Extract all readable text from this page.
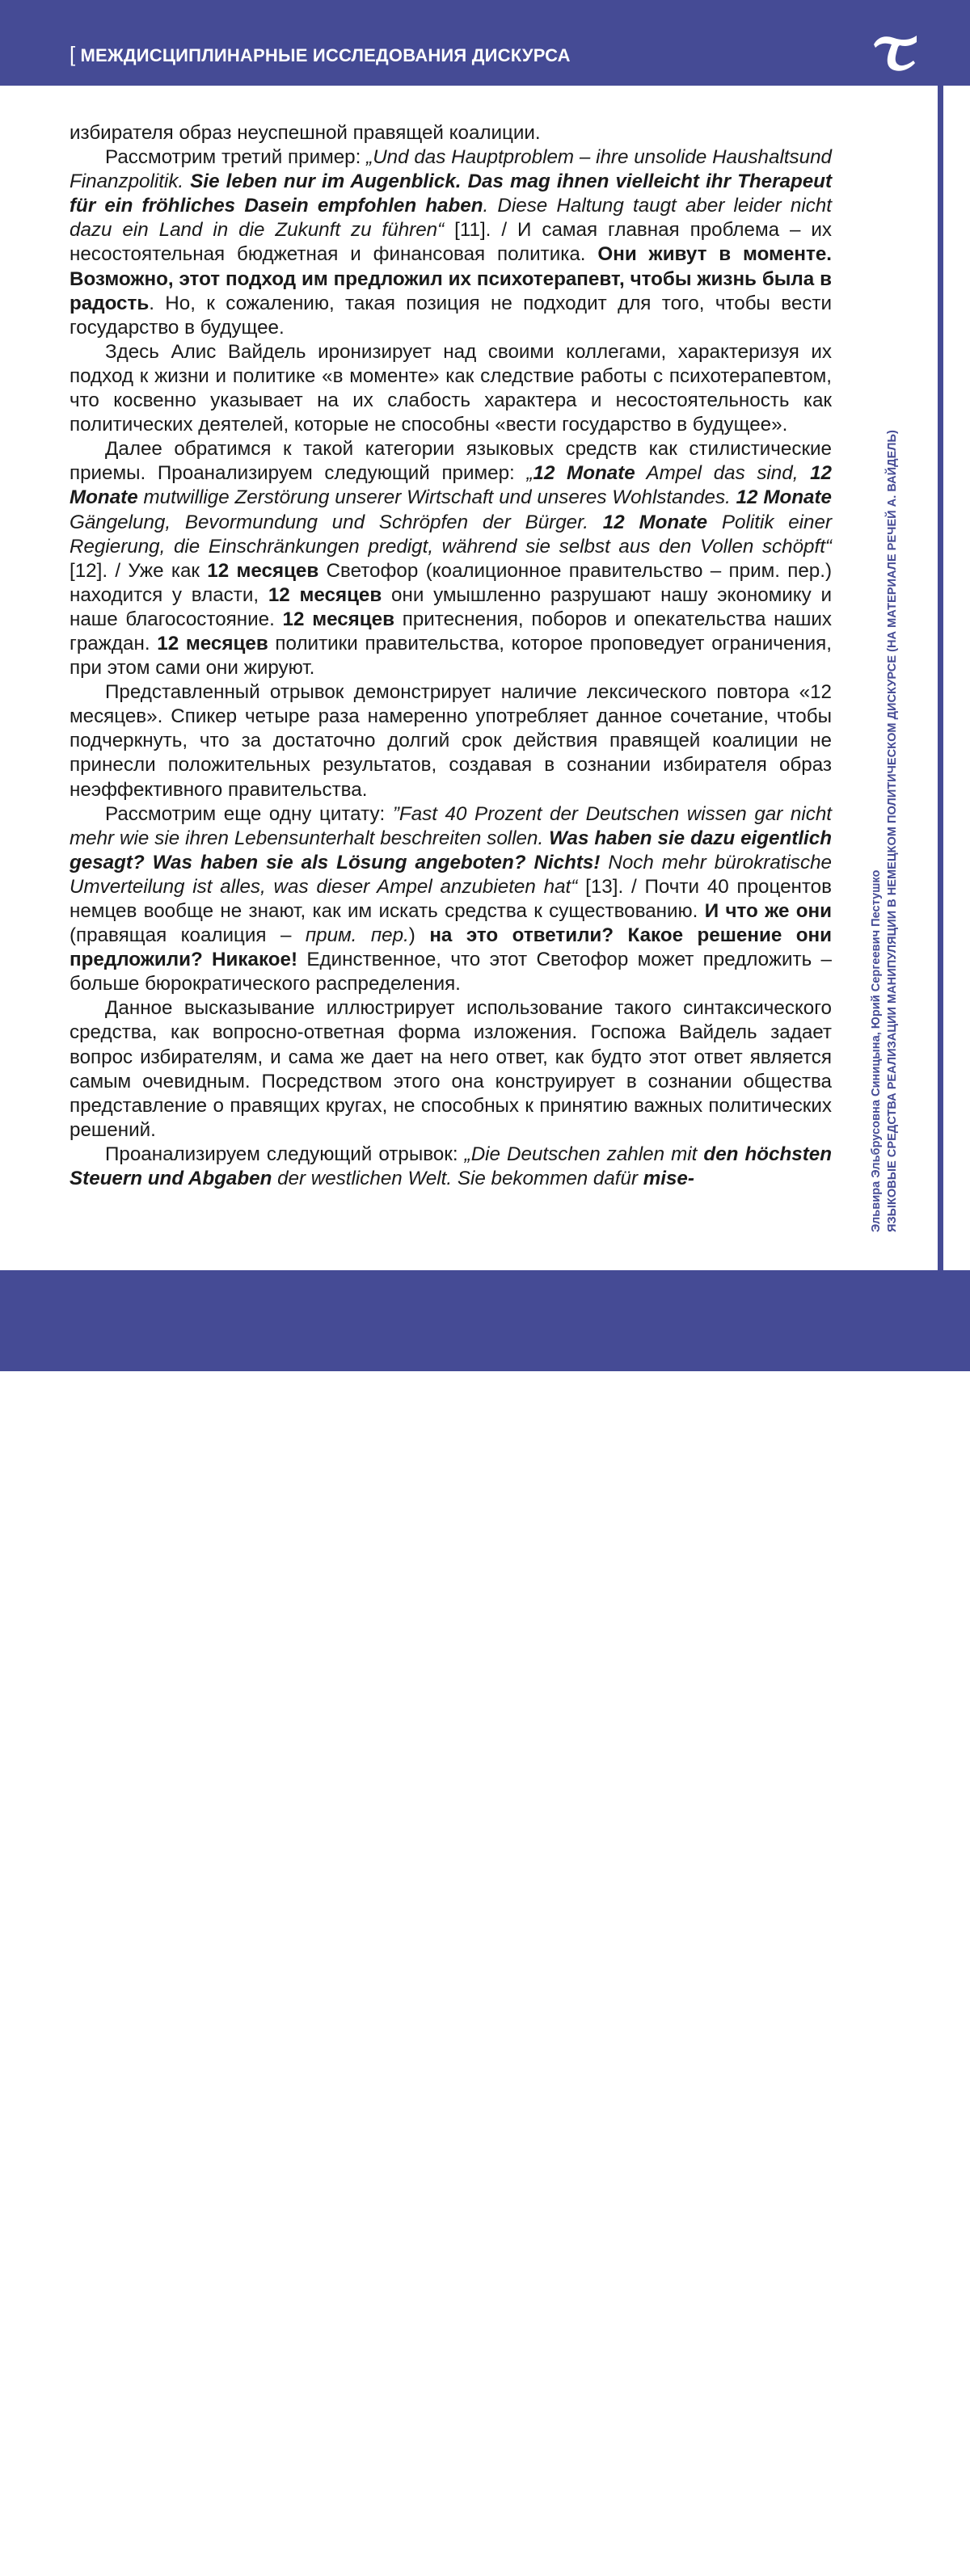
[ МЕЖДИСЦИПЛИНАРНЫЕ ИССЛЕДОВАНИЯ ДИСКУРСА
Эльвира Эльбрусовна Синицына, Юрий Сергеевич Пестушко ЯЗЫКОВЫЕ СРЕДСТВА РЕАЛИЗАЦИИ МАНИПУЛЯЦИИ В НЕМЕЦКОМ ПОЛИТИЧЕСКОМ ДИСКУРСЕ (НА МАТЕРИАЛЕ РЕЧЕЙ А. ВАЙДЕЛЬ)

избирателя образ неуспешной правящей коалиции.

Рассмотрим третий пример: „Und das Hauptproblem – ihre unsolide Haushaltsund Finanzpolitik. Sie leben nur im Augenblick. Das mag ihnen vielleicht ihr Therapeut für ein fröhliches Dasein empfohlen haben. Diese Haltung taugt aber leider nicht dazu ein Land in die Zukunft zu führen“ [11]. / И самая главная проблема – их несостоятельная бюджетная и финансовая политика. Они живут в моменте. Возможно, этот подход им предложил их психотерапевт, чтобы жизнь была в радость. Но, к сожалению, такая позиция не подходит для того, чтобы вести государство в будущее.

Здесь Алис Вайдель иронизирует над своими коллегами, характеризуя их подход к жизни и политике «в моменте» как следствие работы с психотерапевтом, что косвенно указывает на их слабость характера и несостоятельность как политических деятелей, которые не способны «вести государство в будущее».

Далее обратимся к такой категории языковых средств как стилистические приемы. Проанализируем следующий пример: „12 Monate Ampel das sind, 12 Monate mutwillige Zerstörung unserer Wirtschaft und unseres Wohlstandes. 12 Monate Gängelung, Bevormundung und Schröpfen der Bürger. 12 Monate Politik einer Regierung, die Einschränkungen predigt, während sie selbst aus den Vollen schöpft“ [12]. / Уже как 12 месяцев Светофор (коалиционное правительство – прим. пер.) находится у власти, 12 месяцев они умышленно разрушают нашу экономику и наше благосостояние. 12 месяцев притеснения, поборов и опекательства наших граждан. 12 месяцев политики правительства, которое проповедует ограничения, при этом сами они жируют.

Представленный отрывок демонстрирует наличие лексического повтора «12 месяцев». Спикер четыре раза намеренно употребляет данное сочетание, чтобы подчеркнуть, что за достаточно долгий срок действия правящей коалиции не принесли положительных результатов, создавая в сознании избирателя образ неэффективного правительства.

Рассмотрим еще одну цитату: ”Fast 40 Prozent der Deutschen wissen gar nicht mehr wie sie ihren Lebensunterhalt beschreiten sollen. Was haben sie dazu eigentlich gesagt? Was haben sie als Lösung angeboten? Nichts! Noch mehr bürokratische Umverteilung ist alles, was dieser Ampel anzubieten hat“ [13]. / Почти 40 процентов немцев вообще не знают, как им искать средства к существованию. И что же они (правящая коалиция – прим. пер.) на это ответили? Какое решение они предложили? Никакое! Единственное, что этот Светофор может предложить – больше бюрократического распределения.

Данное высказывание иллюстрирует использование такого синтаксического средства, как вопросно-ответная форма изложения. Госпожа Вайдель задает вопрос избирателям, и сама же дает на него ответ, как будто этот ответ является самым очевидным. Посредством этого она конструирует в сознании общества представление о правящих кругах, не способных к принятию важных политических решений.

Проанализируем следующий отрывок: „Die Deutschen zahlen mit den höchsten Steuern und Abgaben der westlichen Welt. Sie bekommen dafür mise-

19
